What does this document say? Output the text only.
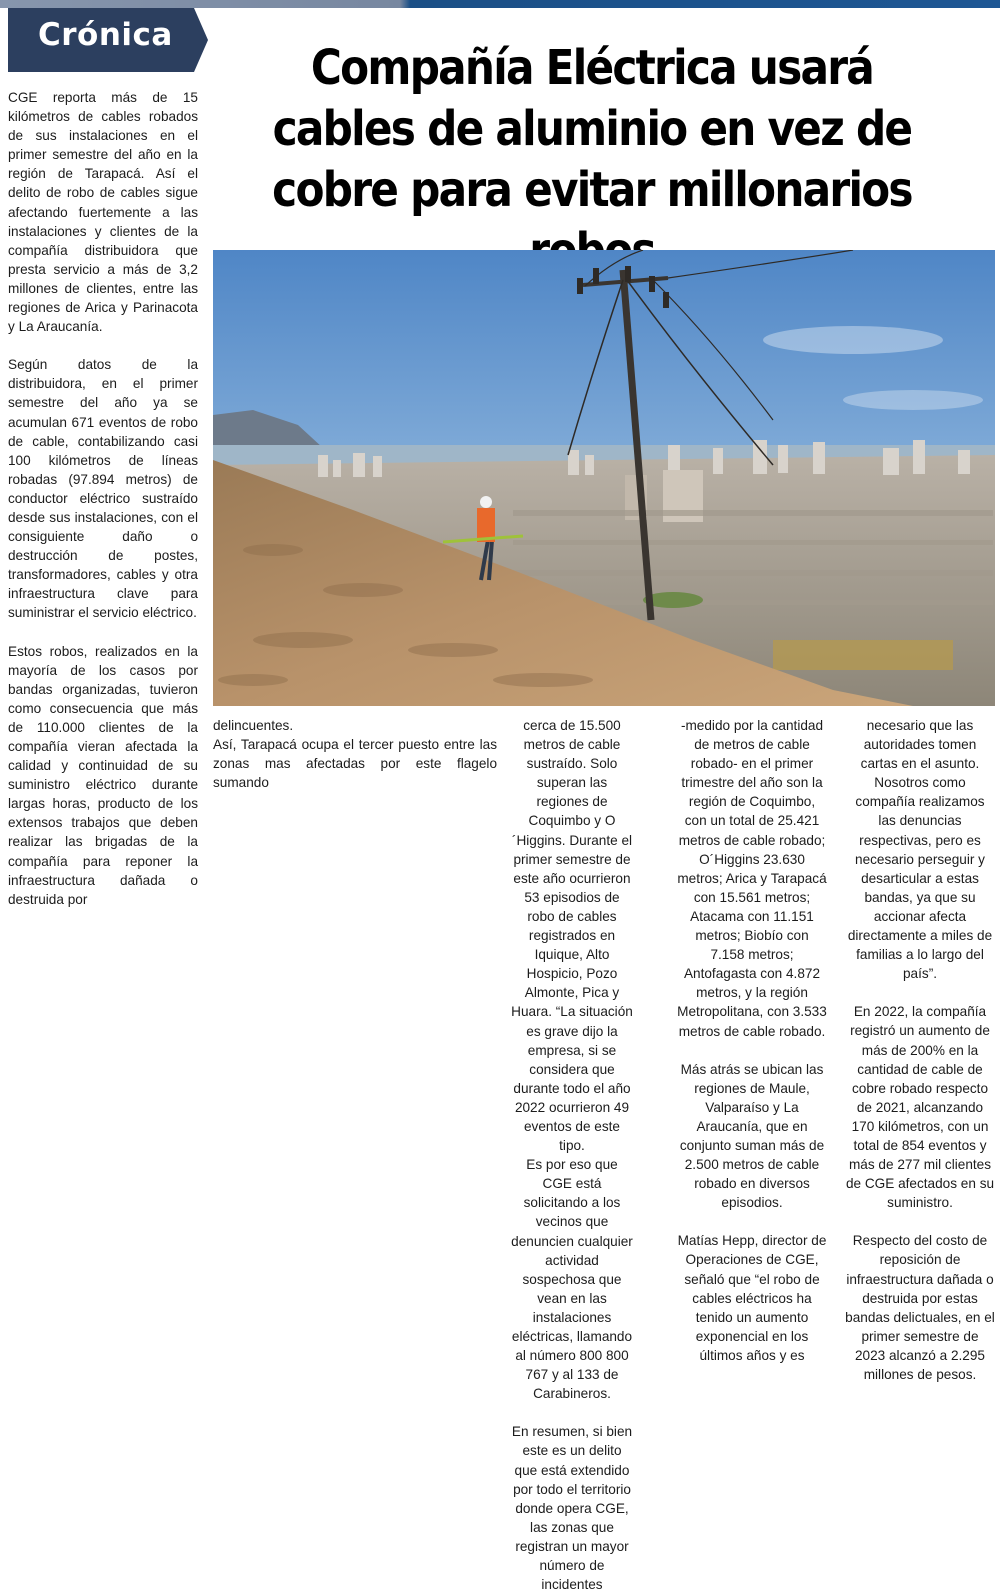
Crónica
Compañía Eléctrica usará cables de aluminio en vez de cobre para evitar millonarios

CGE reporta más de 15 kilómetros de cables robados de sus instalaciones en el primer semestre del año en la región de Tarapacá. Así el delito de robo de cables sigue afectando fuertemente a las instalaciones y clientes de la compañía distribuidora que presta servicio a más de 3,2 millones de clientes, entre las regiones de Arica y Parinacota y La Araucanía.

Según datos de la distribuidora, en el primer semestre del año ya se acumulan 671 eventos de robo de cable, contabilizando casi 100 kilómetros de líneas robadas (97.894 metros) de conductor eléctrico sustraído desde sus instalaciones, con el consiguiente daño o destrucción de postes, transformadores, cables y otra infraestructura clave para suministrar el servicio eléctrico.

Estos robos, realizados en la mayoría de los casos por bandas organizadas, tuvieron como consecuencia que más de 110.000 clientes de la compañía vieran afectada la calidad y continuidad de su suministro eléctrico durante largas horas, producto de los extensos trabajos que deben realizar las brigadas de la compañía para reponer la infraestructura dañada o destruida por

delincuentes.

Así, Tarapacá ocupa el tercer puesto entre las zonas mas afectadas por este flagelo sumando

cerca de 15.500 metros de cable sustraído. Solo superan las regiones de Coquimbo y O´Higgins. Durante el primer semestre de este año ocurrieron 53 episodios de robo de cables registrados en Iquique, Alto Hospicio, Pozo Almonte, Pica y Huara. “La situación es grave dijo la empresa, si se considera que durante todo el año 2022 ocurrieron 49 eventos de este tipo.

Es por eso que CGE está solicitando a los vecinos que denuncien cualquier actividad sospechosa que vean en las instalaciones eléctricas, llamando al número 800 800 767 y al 133 de Carabineros.

En resumen, si bien este es un delito que está extendido por todo el territorio donde opera CGE, las zonas que registran un mayor número de incidentes

-medido por la cantidad de metros de cable robado- en el primer trimestre del año son la región de Coquimbo, con un total de 25.421 metros de cable robado; O´Higgins 23.630 metros; Arica y Tarapacá con 15.561 metros; Atacama con 11.151 metros; Biobío con 7.158 metros; Antofagasta con 4.872 metros, y la región Metropolitana, con 3.533 metros de cable robado.

Más atrás se ubican las regiones de Maule, Valparaíso y La Araucanía, que en conjunto suman más de 2.500 metros de cable robado en diversos episodios.

Matías Hepp, director de Operaciones de CGE, señaló que “el robo de cables eléctricos ha tenido un aumento exponencial en los últimos años y es

necesario que las autoridades tomen cartas en el asunto. Nosotros como compañía realizamos las denuncias respectivas, pero es necesario perseguir y desarticular a estas bandas, ya que su accionar afecta directamente a miles de familias a lo largo del país”.

En 2022, la compañía registró un aumento de más de 200% en la cantidad de cable de cobre robado respecto de 2021, alcanzando 170 kilómetros, con un total de 854 eventos y más de 277 mil clientes de CGE afectados en su suministro.

Respecto del costo de reposición de infraestructura dañada o destruida por estas bandas delictuales, en el primer semestre de 2023 alcanzó a 2.295 millones de pesos.
